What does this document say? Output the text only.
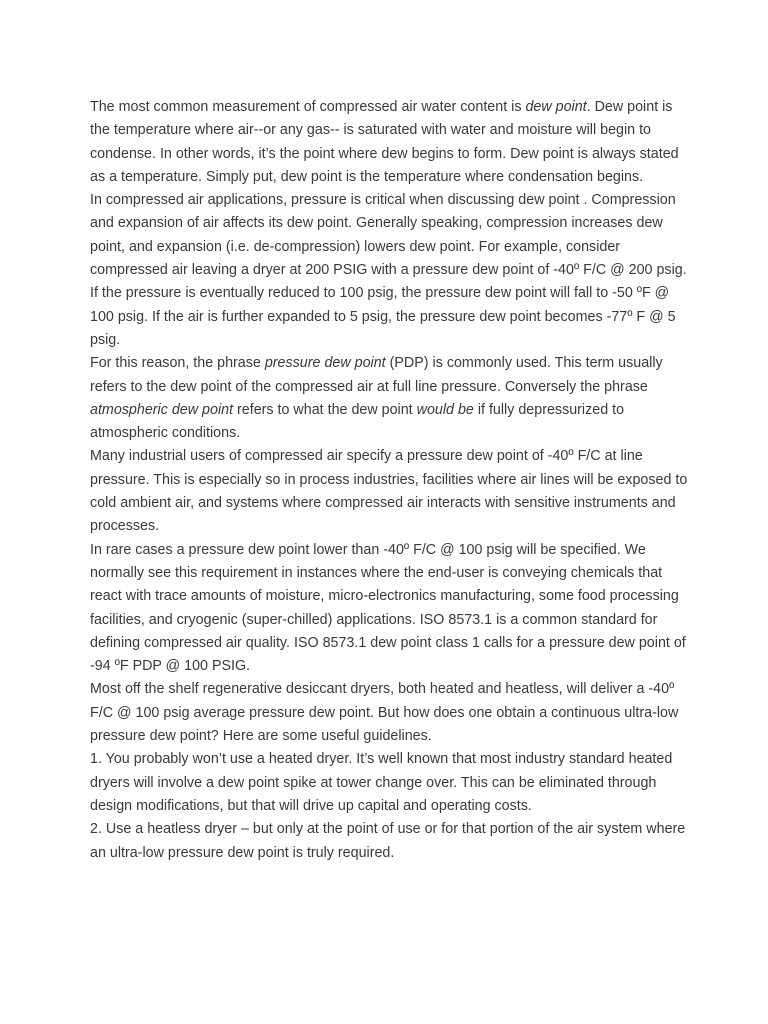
The most common measurement of compressed air water content is dew point. Dew point is the temperature where air--or any gas-- is saturated with water and moisture will begin to condense. In other words, it’s the point where dew begins to form. Dew point is always stated as a temperature. Simply put, dew point is the temperature where condensation begins.

In compressed air applications, pressure is critical when discussing dew point . Compression and expansion of air affects its dew point. Generally speaking, compression increases dew point, and expansion (i.e. de-compression) lowers dew point. For example, consider compressed air leaving a dryer at 200 PSIG with a pressure dew point of -40º F/C @ 200 psig. If the pressure is eventually reduced to 100 psig, the pressure dew point will fall to -50 ºF @ 100 psig. If the air is further expanded to 5 psig, the pressure dew point becomes -77º F @ 5 psig.

For this reason, the phrase pressure dew point (PDP) is commonly used. This term usually refers to the dew point of the compressed air at full line pressure. Conversely the phrase atmospheric dew point refers to what the dew point would be if fully depressurized to atmospheric conditions.

Many industrial users of compressed air specify a pressure dew point of -40º F/C at line pressure. This is especially so in process industries, facilities where air lines will be exposed to cold ambient air, and systems where compressed air interacts with sensitive instruments and processes.

In rare cases a pressure dew point lower than -40º F/C @ 100 psig will be specified. We normally see this requirement in instances where the end-user is conveying chemicals that react with trace amounts of moisture, micro-electronics manufacturing, some food processing facilities, and cryogenic (super-chilled) applications. ISO 8573.1 is a common standard for defining compressed air quality. ISO 8573.1 dew point class 1 calls for a pressure dew point of -94 ºF PDP @ 100 PSIG.

Most off the shelf regenerative desiccant dryers, both heated and heatless, will deliver a -40º F/C @ 100 psig average pressure dew point. But how does one obtain a continuous ultra-low pressure dew point? Here are some useful guidelines.

1. You probably won’t use a heated dryer. It’s well known that most industry standard heated dryers will involve a dew point spike at tower change over. This can be eliminated through design modifications, but that will drive up capital and operating costs.

2. Use a heatless dryer – but only at the point of use or for that portion of the air system where an ultra-low pressure dew point is truly required.
